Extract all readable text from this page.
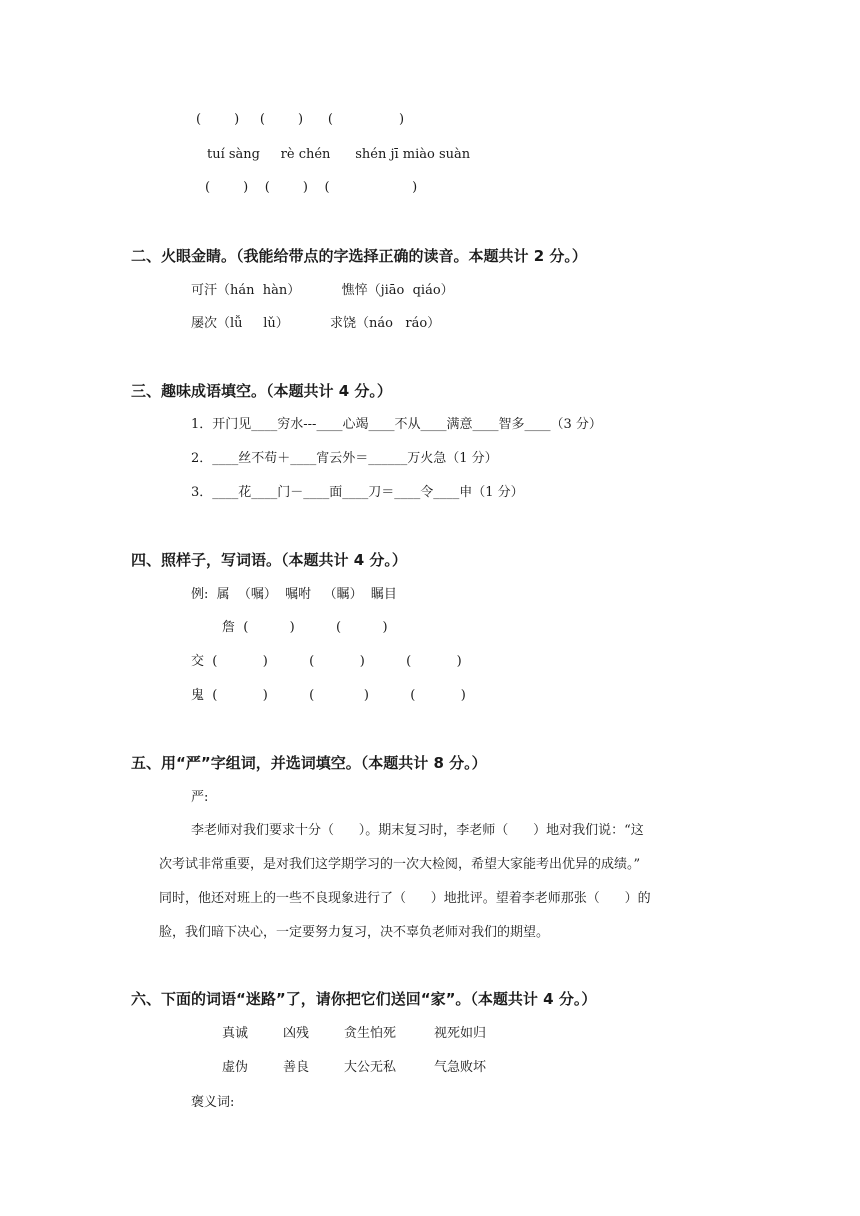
(        )     (        )      (                )
tuí sàng     rè chén      shén jī miào suàn
(        )    (        )    (                    )
二、火眼金睛。（我能给带点的字选择正确的读音。本题共计 2 分。）
可汗（hán  hàn）          憔悴（jiāo  qiáo）
屡次（lǚ     lǔ）          求饶（náo   ráo）
三、趣味成语填空。（本题共计 4 分。）
1．开门见____穷水---____心竭____不从____满意____智多____（3 分）
2．____丝不苟＋____宵云外＝______万火急（1 分）
3．____花____门－____面____刀＝____令____申（1 分）
四、照样子，写词语。（本题共计 4 分。）
例:  属  （嘱）  嘱咐   （瞩）  瞩目
詹  (          )          (          )
交  (           )          (           )          (           )
鬼  (           )          (            )          (           )
五、用“严”字组词，并选词填空。（本题共计 8 分。）
严:
李老师对我们要求十分（      ）。期末复习时，李老师（      ）地对我们说：“这
次考试非常重要，是对我们这学期学习的一次大检阅，希望大家能考出优异的成绩。”
同时，他还对班上的一些不良现象进行了（      ）地批评。望着李老师那张（      ）的
脸，我们暗下决心，一定要努力复习，决不辜负老师对我们的期望。
六、下面的词语“迷路”了，请你把它们送回“家”。（本题共计 4 分。）
真诚	凶残	贪生怕死	视死如归
虚伪	善良	大公无私	气急败坏
褒义词:
